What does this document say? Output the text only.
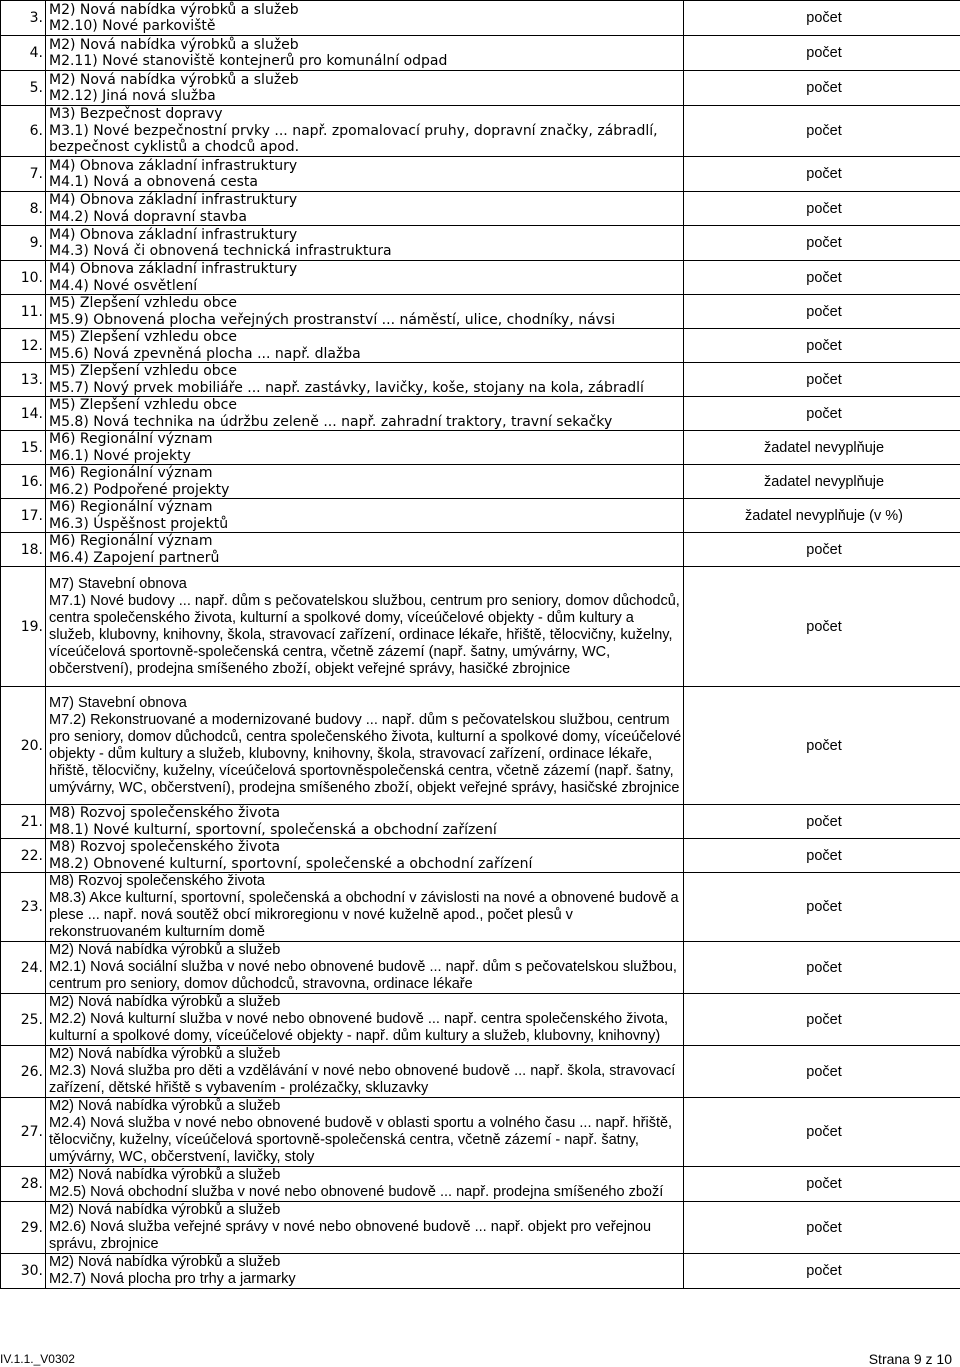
3.	M2) Nová nabídka výrobků a služeb
M2.10) Nové parkoviště	počet
4.	M2) Nová nabídka výrobků a služeb
M2.11) Nové stanoviště kontejnerů pro komunální odpad	počet
5.	M2) Nová nabídka výrobků a služeb
M2.12) Jiná nová služba	počet
6.	M3) Bezpečnost dopravy
M3.1) Nové bezpečnostní prvky ... např. zpomalovací pruhy, dopravní značky, zábradlí,
bezpečnost cyklistů a chodců apod.	počet
7.	M4) Obnova základní infrastruktury
M4.1) Nová a obnovená cesta	počet
8.	M4) Obnova základní infrastruktury
M4.2) Nová dopravní stavba	počet
9.	M4) Obnova základní infrastruktury
M4.3) Nová či obnovená technická infrastruktura	počet
10.	M4) Obnova základní infrastruktury
M4.4) Nové osvětlení	počet
11.	M5) Zlepšení vzhledu obce
M5.9) Obnovená plocha veřejných prostranství ... náměstí, ulice, chodníky, návsi	počet
12.	M5) Zlepšení vzhledu obce
M5.6) Nová zpevněná plocha ... např. dlažba	počet
13.	M5) Zlepšení vzhledu obce
M5.7) Nový prvek mobiliáře ... např. zastávky, lavičky, koše, stojany na kola, zábradlí	počet
14.	M5) Zlepšení vzhledu obce
M5.8) Nová technika na údržbu zeleně ... např. zahradní traktory, travní sekačky	počet
15.	M6) Regionální význam
M6.1) Nové projekty	žadatel nevyplňuje
16.	M6) Regionální význam
M6.2) Podpořené projekty	žadatel nevyplňuje
17.	M6) Regionální význam
M6.3) Úspěšnost projektů	žadatel nevyplňuje (v %)
18.	M6) Regionální význam
M6.4) Zapojení partnerů	počet
19.	M7) Stavební obnova
M7.1) Nové budovy ... např. dům s pečovatelskou službou, centrum pro seniory, domov důchodců, centra společenského života, kulturní a spolkové domy, víceúčelové objekty - dům kultury a služeb, klubovny, knihovny, škola, stravovací zařízení, ordinace lékaře, hřiště, tělocvičny, kuželny, víceúčelová sportovně-společenská centra, včetně zázemí (např. šatny, umývárny, WC, občerstvení), prodejna smíšeného zboží, objekt veřejné správy, hasičké zbrojnice	počet
20.	M7) Stavební obnova
M7.2) Rekonstruované a modernizované budovy ... např. dům s pečovatelskou službou, centrum pro seniory, domov důchodců, centra společenského života, kulturní a spolkové domy, víceúčelové objekty - dům kultury a služeb, klubovny, knihovny, škola, stravovací zařízení, ordinace lékaře, hřiště, tělocvičny, kuželny, víceúčelová sportovněspolečenská centra, včetně zázemí (např. šatny, umývárny, WC, občerstvení), prodejna smíšeného zboží, objekt veřejné správy, hasičské zbrojnice	počet
21.	M8) Rozvoj společenského života
M8.1) Nové kulturní, sportovní, společenská a obchodní zařízení	počet
22.	M8) Rozvoj společenského života
M8.2) Obnovené kulturní, sportovní, společenské a obchodní zařízení	počet
23.	M8) Rozvoj společenského života
M8.3) Akce kulturní, sportovní, společenská a obchodní v závislosti na nové a obnovené budově a plese ... např. nová soutěž obcí mikroregionu v nové kuželně apod., počet plesů v rekonstruovaném kulturním domě	počet
24.	M2) Nová nabídka výrobků a služeb
M2.1) Nová sociální služba v nové nebo obnovené budově ... např. dům s pečovatelskou službou, centrum pro seniory, domov důchodců, stravovna, ordinace lékaře	počet
25.	M2) Nová nabídka výrobků a služeb
M2.2) Nová kulturní služba v nové nebo obnovené budově ... např. centra společenského života, kulturní a spolkové domy, víceúčelové objekty - např. dům kultury a služeb, klubovny, knihovny)	počet
26.	M2) Nová nabídka výrobků a služeb
M2.3) Nová služba pro děti a vzdělávání v nové nebo obnovené budově ... např. škola, stravovací zařízení, dětské hřiště s vybavením - prolézačky, skluzavky	počet
27.	M2) Nová nabídka výrobků a služeb
M2.4) Nová služba v nové nebo obnovené budově v oblasti sportu a volného času ... např. hřiště, tělocvičny, kuželny, víceúčelová sportovně-společenská centra, včetně zázemí - např. šatny, umývárny, WC, občerstvení, lavičky, stoly	počet
28.	M2) Nová nabídka výrobků a služeb
M2.5) Nová obchodní služba v nové nebo obnovené budově ... např. prodejna smíšeného zboží	počet
29.	M2) Nová nabídka výrobků a služeb
M2.6) Nová služba veřejné správy v nové nebo obnovené budově ... např. objekt pro veřejnou správu, zbrojnice	počet
30.	M2) Nová nabídka výrobků a služeb
M2.7) Nová plocha pro trhy a jarmarky	počet
IV.1.1._V0302	Strana 9 z 10
